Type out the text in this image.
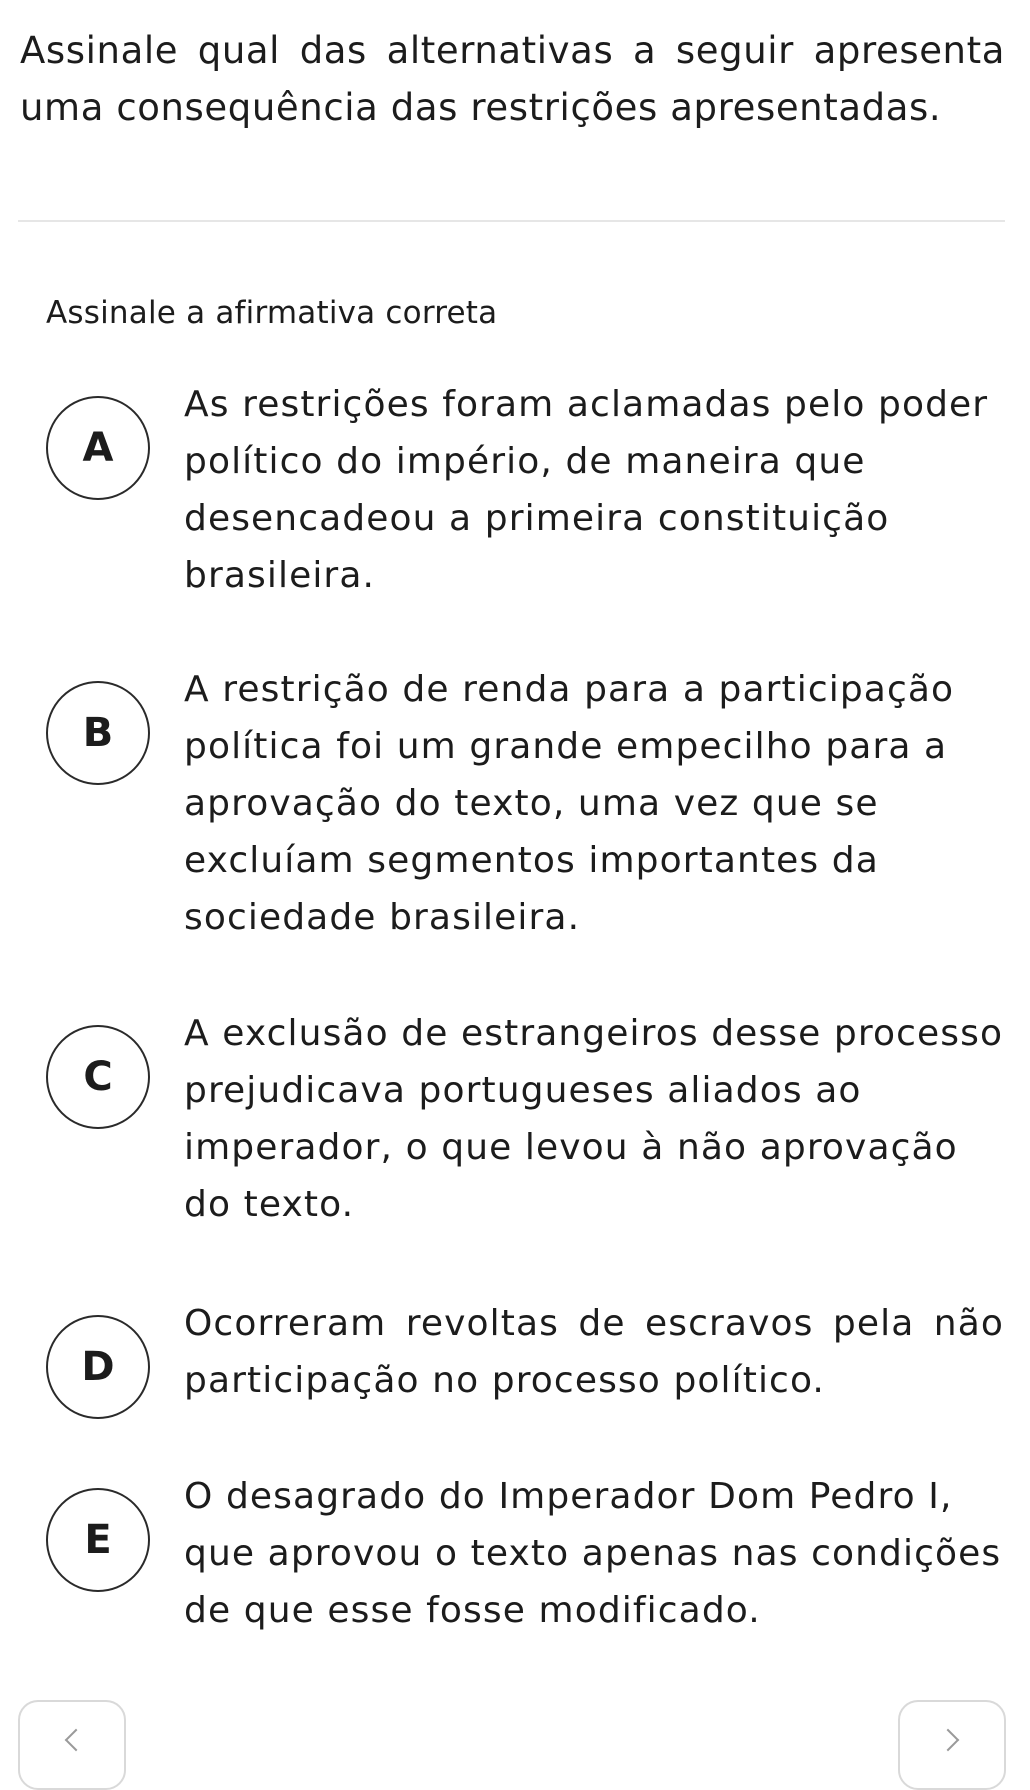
Assinale qual das alternativas a seguir apresenta uma consequência das restrições apresentadas.
Assinale a afirmativa correta
A
As restrições foram aclamadas pelo poder político do império, de maneira que desencadeou a primeira constituição brasileira.
B
A restrição de renda para a participação política foi um grande empecilho para a aprovação do texto, uma vez que se excluíam segmentos importantes da sociedade brasileira.
C
A exclusão de estrangeiros desse processo prejudicava portugueses aliados ao imperador, o que levou à não aprovação do texto.
D
Ocorreram revoltas de escravos pela não participação no processo político.
E
O desagrado do Imperador Dom Pedro I, que aprovou o texto apenas nas condições de que esse fosse modificado.
